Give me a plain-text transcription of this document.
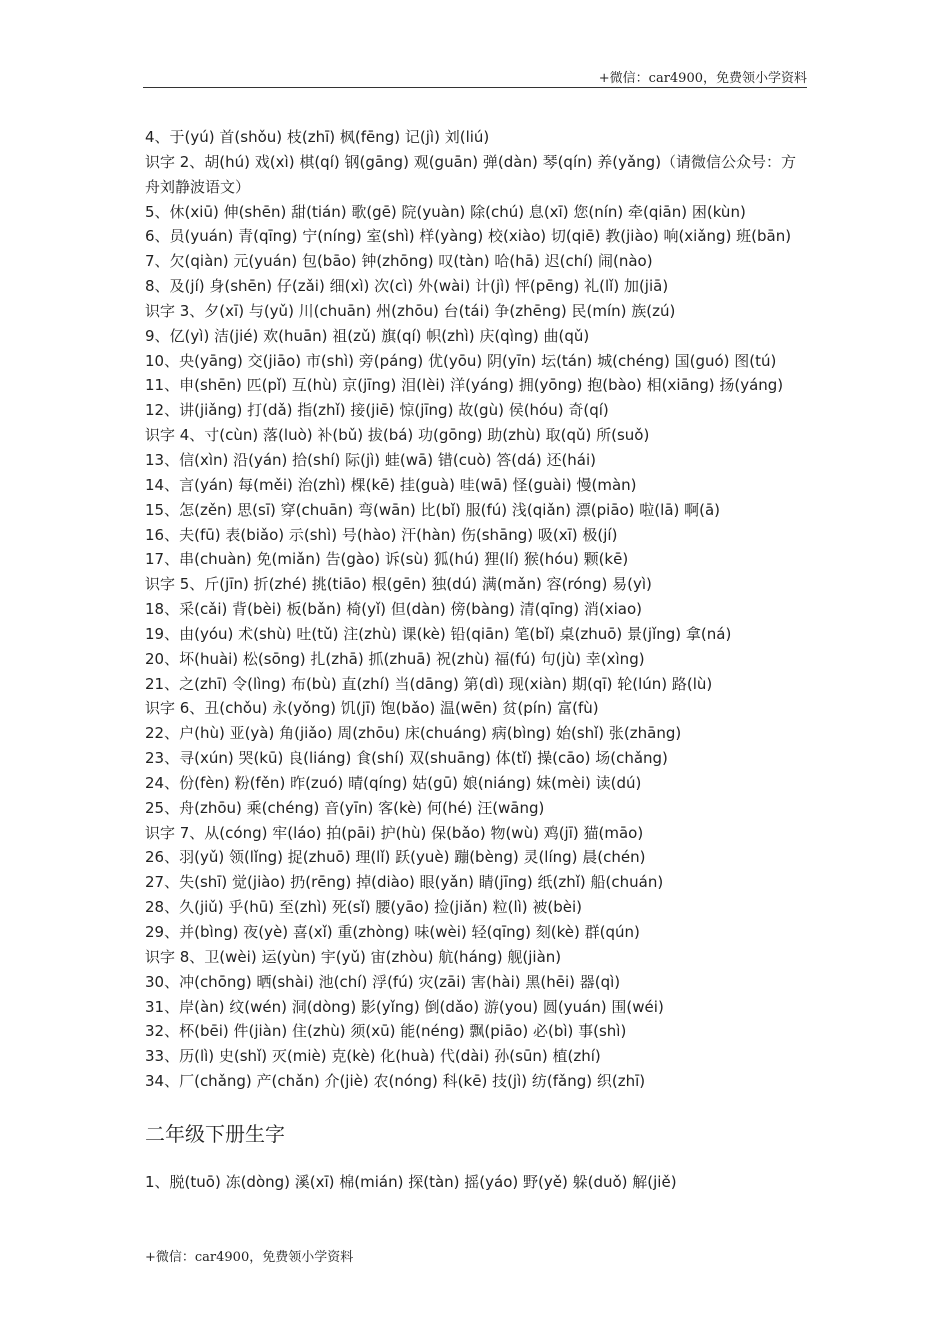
+微信：car4900，免费领小学资料
4、于(yú) 首(shǒu) 枝(zhī) 枫(fēng) 记(jì) 刘(liú)
识字 2、胡(hú) 戏(xì) 棋(qí) 钢(gāng) 观(guān) 弹(dàn) 琴(qín) 养(yǎng)（请微信公众号：方舟刘静波语文）
5、休(xiū) 伸(shēn) 甜(tián) 歌(gē) 院(yuàn) 除(chú) 息(xī) 您(nín) 牵(qiān) 困(kùn)
6、员(yuán) 青(qīng) 宁(níng) 室(shì) 样(yàng) 校(xiào) 切(qiē) 教(jiào) 响(xiǎng) 班(bān)
7、欠(qiàn) 元(yuán) 包(bāo) 钟(zhōng) 叹(tàn) 哈(hā) 迟(chí) 闹(nào)
8、及(jí) 身(shēn) 仔(zǎi) 细(xì) 次(cì) 外(wài) 计(jì) 怦(pēng) 礼(lǐ) 加(jiā)
识字 3、夕(xī) 与(yǔ) 川(chuān) 州(zhōu) 台(tái) 争(zhēng) 民(mín) 族(zú)
9、亿(yì) 洁(jié) 欢(huān) 祖(zǔ) 旗(qí) 帜(zhì) 庆(qìng) 曲(qǔ)
10、央(yāng) 交(jiāo) 市(shì) 旁(páng) 优(yōu) 阴(yīn) 坛(tán) 城(chéng) 国(guó) 图(tú)
11、申(shēn) 匹(pǐ) 互(hù) 京(jīng) 泪(lèi) 洋(yáng) 拥(yōng) 抱(bào) 相(xiāng) 扬(yáng)
12、讲(jiǎng) 打(dǎ) 指(zhǐ) 接(jiē) 惊(jīng) 故(gù) 侯(hóu) 奇(qí)
识字 4、寸(cùn) 落(luò) 补(bǔ) 拔(bá) 功(gōng) 助(zhù) 取(qǔ) 所(suǒ)
13、信(xìn) 沿(yán) 拾(shí) 际(jì) 蛙(wā) 错(cuò) 答(dá) 还(hái)
14、言(yán) 每(měi) 治(zhì) 棵(kē) 挂(guà) 哇(wā) 怪(guài) 慢(màn)
15、怎(zěn) 思(sī) 穿(chuān) 弯(wān) 比(bǐ) 服(fú) 浅(qiǎn) 漂(piāo) 啦(lā) 啊(ā)
16、夫(fū) 表(biǎo) 示(shì) 号(hào) 汗(hàn) 伤(shāng) 吸(xī) 极(jí)
17、串(chuàn) 免(miǎn) 告(gào) 诉(sù) 狐(hú) 狸(lí) 猴(hóu) 颗(kē)
识字 5、斤(jīn) 折(zhé) 挑(tiāo) 根(gēn) 独(dú) 满(mǎn) 容(róng) 易(yì)
18、采(cǎi) 背(bèi) 板(bǎn) 椅(yǐ) 但(dàn) 傍(bàng) 清(qīng) 消(xiao)
19、由(yóu) 术(shù) 吐(tǔ) 注(zhù) 课(kè) 铅(qiān) 笔(bǐ) 桌(zhuō) 景(jǐng) 拿(ná)
20、坏(huài) 松(sōng) 扎(zhā) 抓(zhuā) 祝(zhù) 福(fú) 句(jù) 幸(xìng)
21、之(zhī) 令(lìng) 布(bù) 直(zhí) 当(dāng) 第(dì) 现(xiàn) 期(qī) 轮(lún) 路(lù)
识字 6、丑(chǒu) 永(yǒng) 饥(jī) 饱(bǎo) 温(wēn) 贫(pín) 富(fù)
22、户(hù) 亚(yà) 角(jiǎo) 周(zhōu) 床(chuáng) 病(bìng) 始(shǐ) 张(zhāng)
23、寻(xún) 哭(kū) 良(liáng) 食(shí) 双(shuāng) 体(tǐ) 操(cāo) 场(chǎng)
24、份(fèn) 粉(fěn) 昨(zuó) 晴(qíng) 姑(gū) 娘(niáng) 妹(mèi) 读(dú)
25、舟(zhōu) 乘(chéng) 音(yīn) 客(kè) 何(hé) 汪(wāng)
识字 7、从(cóng) 牢(láo) 拍(pāi) 护(hù) 保(bǎo) 物(wù) 鸡(jī) 猫(māo)
26、羽(yǔ) 领(lǐng) 捉(zhuō) 理(lǐ) 跃(yuè) 蹦(bèng) 灵(líng) 晨(chén)
27、失(shī) 觉(jiào) 扔(rēng) 掉(diào) 眼(yǎn) 睛(jīng) 纸(zhǐ) 船(chuán)
28、久(jiǔ) 乎(hū) 至(zhì) 死(sǐ) 腰(yāo) 捡(jiǎn) 粒(lì) 被(bèi)
29、并(bìng) 夜(yè) 喜(xǐ) 重(zhòng) 味(wèi) 轻(qīng) 刻(kè) 群(qún)
识字 8、卫(wèi) 运(yùn) 宇(yǔ) 宙(zhòu) 航(háng) 舰(jiàn)
30、冲(chōng) 晒(shài) 池(chí) 浮(fú) 灾(zāi) 害(hài) 黑(hēi) 器(qì)
31、岸(àn) 纹(wén) 洞(dòng) 影(yǐng) 倒(dǎo) 游(you) 圆(yuán) 围(wéi)
32、杯(bēi) 件(jiàn) 住(zhù) 须(xū) 能(néng) 飘(piāo) 必(bì) 事(shì)
33、历(lì) 史(shǐ) 灭(miè) 克(kè) 化(huà) 代(dài) 孙(sūn) 植(zhí)
34、厂(chǎng) 产(chǎn) 介(jiè) 农(nóng) 科(kē) 技(jì) 纺(fǎng) 织(zhī)
二年级下册生字
1、脱(tuō) 冻(dòng) 溪(xī) 棉(mián) 探(tàn) 摇(yáo) 野(yě) 躲(duǒ) 解(jiě)
+微信：car4900，免费领小学资料
